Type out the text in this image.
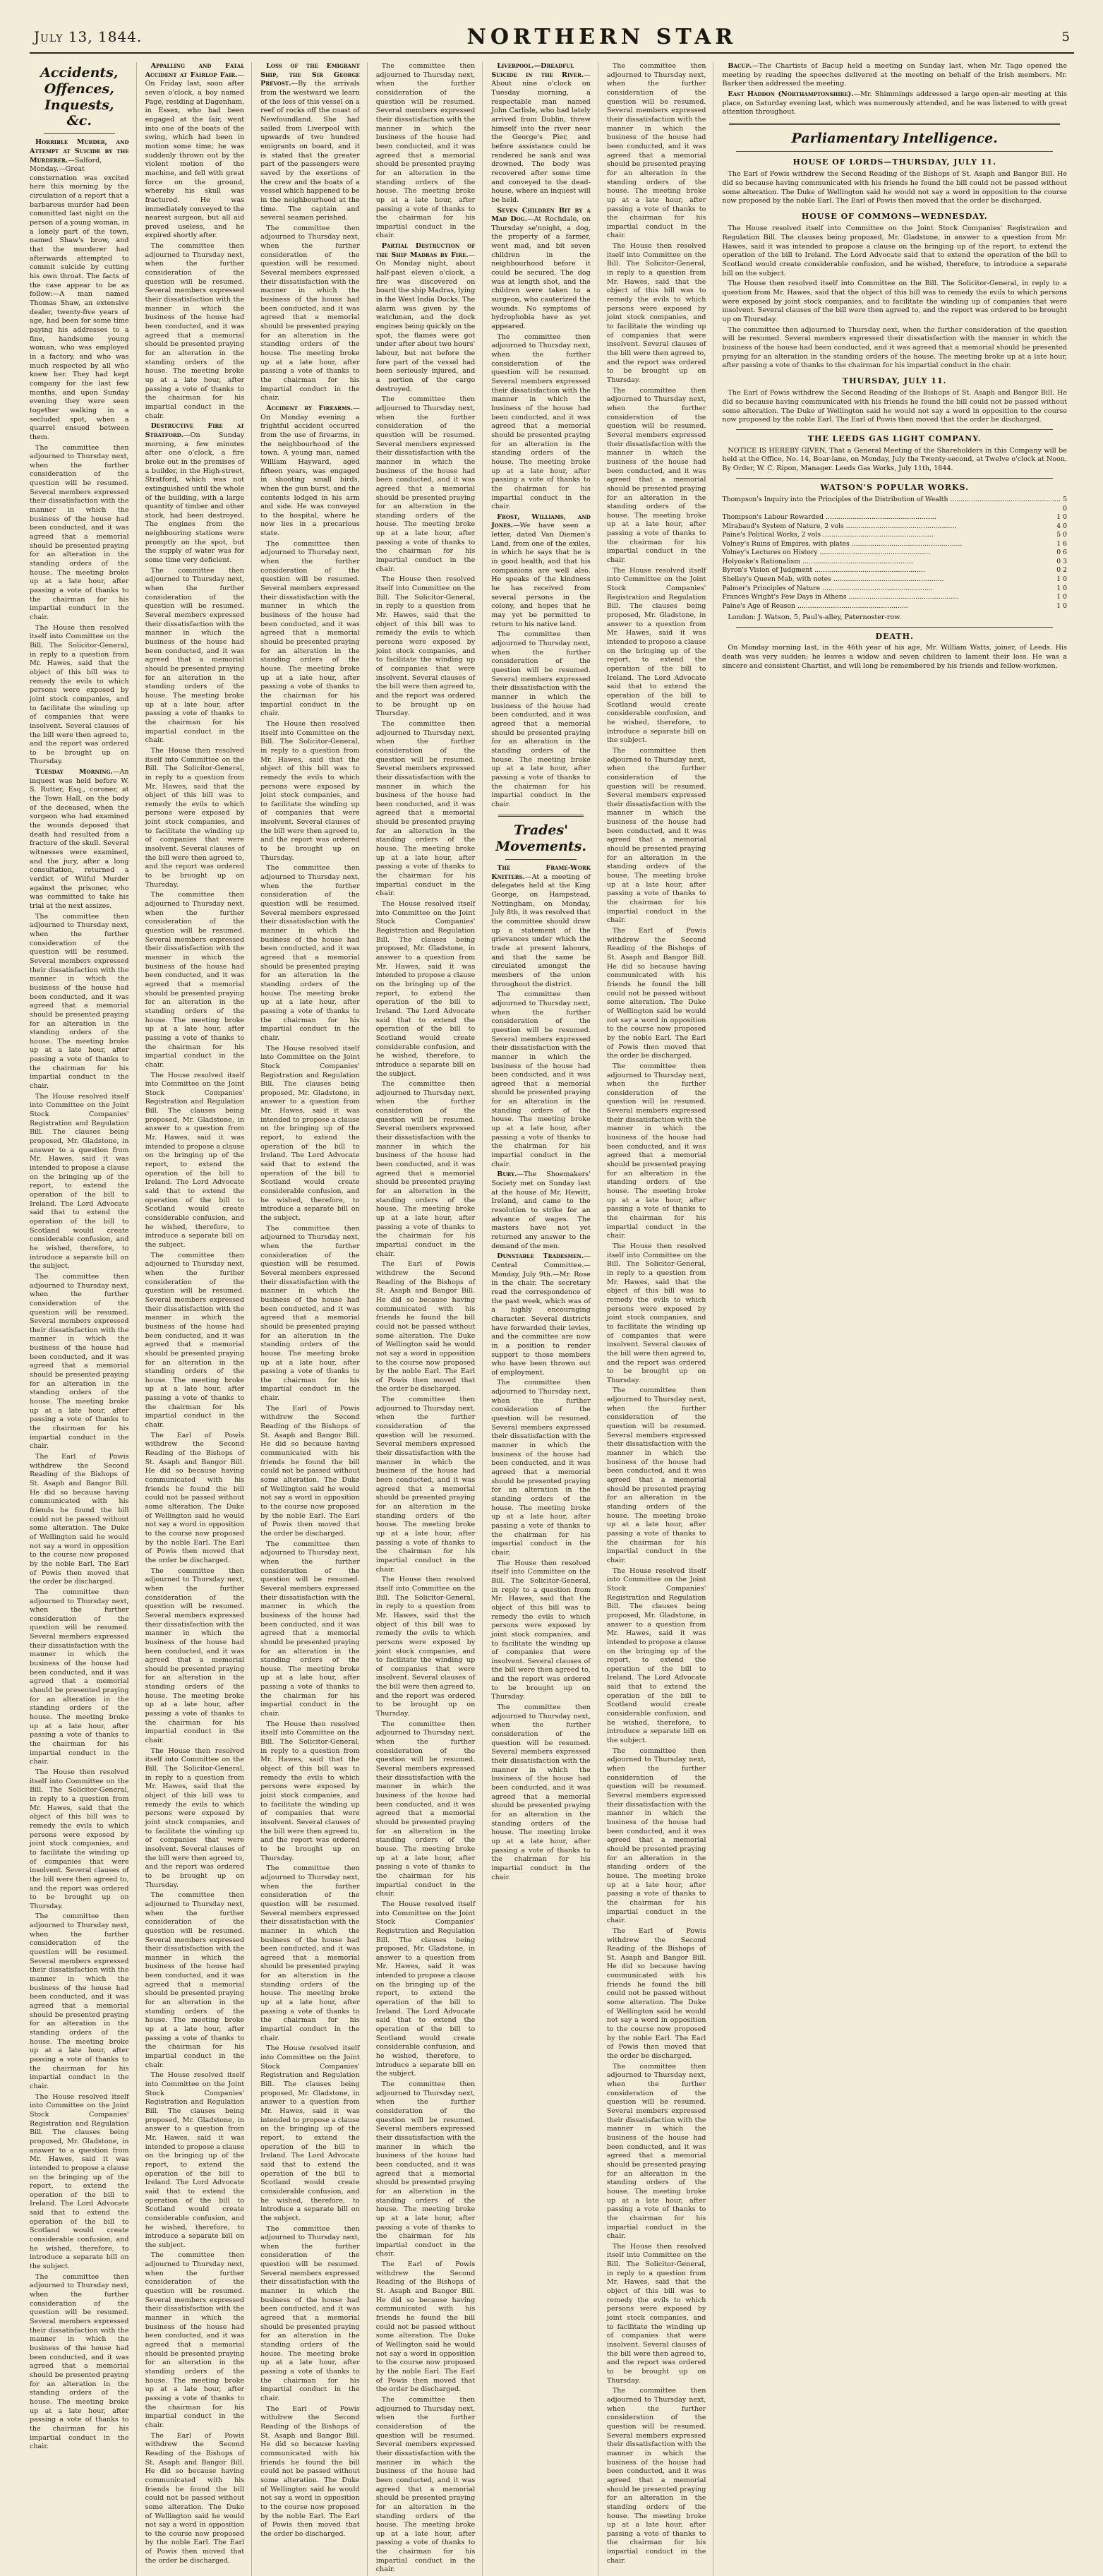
July 13, 1844.	NORTHERN STAR	5
Accidents, Offences, Inquests, &c.

Horrible Murder, and Attempt at Suicide by the Murderer.—Salford, Monday.—Great consternation was excited here this morning by the circulation of a report that a barbarous murder had been committed last night on the person of a young woman, in a lonely part of the town, named Shaw's brow, and that the murderer had afterwards attempted to commit suicide by cutting his own throat. The facts of the case appear to be as follow:—A man named Thomas Shaw, an extensive dealer, twenty-five years of age, had been for some time paying his addresses to a fine, handsome young woman, who was employed in a factory, and who was much respected by all who knew her. They had kept company for the last few months, and upon Sunday evening they were seen together walking in a secluded spot, when a quarrel ensued between them.

The committee then adjourned to Thursday next, when the further consideration of the question will be resumed. Several members expressed their dissatisfaction with the manner in which the business of the house had been conducted, and it was agreed that a memorial should be presented praying for an alteration in the standing orders of the house. The meeting broke up at a late hour, after passing a vote of thanks to the chairman for his impartial conduct in the chair.

The House then resolved itself into Committee on the Bill. The Solicitor-General, in reply to a question from Mr. Hawes, said that the object of this bill was to remedy the evils to which persons were exposed by joint stock companies, and to facilitate the winding up of companies that were insolvent. Several clauses of the bill were then agreed to, and the report was ordered to be brought up on Thursday.

Tuesday Morning.—An inquest was held before W. S. Rutter, Esq., coroner, at the Town Hall, on the body of the deceased, when the surgeon who had examined the wounds deposed that death had resulted from a fracture of the skull. Several witnesses were examined, and the jury, after a long consultation, returned a verdict of Wilful Murder against the prisoner, who was committed to take his trial at the next assizes.

The committee then adjourned to Thursday next, when the further consideration of the question will be resumed. Several members expressed their dissatisfaction with the manner in which the business of the house had been conducted, and it was agreed that a memorial should be presented praying for an alteration in the standing orders of the house. The meeting broke up at a late hour, after passing a vote of thanks to the chairman for his impartial conduct in the chair.

The House resolved itself into Committee on the Joint Stock Companies' Registration and Regulation Bill. The clauses being proposed, Mr. Gladstone, in answer to a question from Mr. Hawes, said it was intended to propose a clause on the bringing up of the report, to extend the operation of the bill to Ireland. The Lord Advocate said that to extend the operation of the bill to Scotland would create considerable confusion, and he wished, therefore, to introduce a separate bill on the subject.

The committee then adjourned to Thursday next, when the further consideration of the question will be resumed. Several members expressed their dissatisfaction with the manner in which the business of the house had been conducted, and it was agreed that a memorial should be presented praying for an alteration in the standing orders of the house. The meeting broke up at a late hour, after passing a vote of thanks to the chairman for his impartial conduct in the chair.

The Earl of Powis withdrew the Second Reading of the Bishops of St. Asaph and Bangor Bill. He did so because having communicated with his friends he found the bill could not be passed without some alteration. The Duke of Wellington said he would not say a word in opposition to the course now proposed by the noble Earl. The Earl of Powis then moved that the order be discharged.

The committee then adjourned to Thursday next, when the further consideration of the question will be resumed. Several members expressed their dissatisfaction with the manner in which the business of the house had been conducted, and it was agreed that a memorial should be presented praying for an alteration in the standing orders of the house. The meeting broke up at a late hour, after passing a vote of thanks to the chairman for his impartial conduct in the chair.

The House then resolved itself into Committee on the Bill. The Solicitor-General, in reply to a question from Mr. Hawes, said that the object of this bill was to remedy the evils to which persons were exposed by joint stock companies, and to facilitate the winding up of companies that were insolvent. Several clauses of the bill were then agreed to, and the report was ordered to be brought up on Thursday.

The committee then adjourned to Thursday next, when the further consideration of the question will be resumed. Several members expressed their dissatisfaction with the manner in which the business of the house had been conducted, and it was agreed that a memorial should be presented praying for an alteration in the standing orders of the house. The meeting broke up at a late hour, after passing a vote of thanks to the chairman for his impartial conduct in the chair.

The House resolved itself into Committee on the Joint Stock Companies' Registration and Regulation Bill. The clauses being proposed, Mr. Gladstone, in answer to a question from Mr. Hawes, said it was intended to propose a clause on the bringing up of the report, to extend the operation of the bill to Ireland. The Lord Advocate said that to extend the operation of the bill to Scotland would create considerable confusion, and he wished, therefore, to introduce a separate bill on the subject.

The committee then adjourned to Thursday next, when the further consideration of the question will be resumed. Several members expressed their dissatisfaction with the manner in which the business of the house had been conducted, and it was agreed that a memorial should be presented praying for an alteration in the standing orders of the house. The meeting broke up at a late hour, after passing a vote of thanks to the chairman for his impartial conduct in the chair.

Appalling and Fatal Accident at Fairlop Fair.—On Friday last, soon after seven o'clock, a boy named Page, residing at Dagenham, in Essex, who had been engaged at the fair, went into one of the boats of the swing, which had been in motion some time; he was suddenly thrown out by the violent motion of the machine, and fell with great force on the ground, whereby his skull was fractured. He was immediately conveyed to the nearest surgeon, but all aid proved useless, and he expired shortly after.

The committee then adjourned to Thursday next, when the further consideration of the question will be resumed. Several members expressed their dissatisfaction with the manner in which the business of the house had been conducted, and it was agreed that a memorial should be presented praying for an alteration in the standing orders of the house. The meeting broke up at a late hour, after passing a vote of thanks to the chairman for his impartial conduct in the chair.

Destructive Fire at Stratford.—On Sunday morning, a few minutes after one o'clock, a fire broke out in the premises of a builder, in the High-street, Stratford, which was not extinguished until the whole of the building, with a large quantity of timber and other stock, had been destroyed. The engines from the neighbouring stations were promptly on the spot, but the supply of water was for some time very deficient.

The committee then adjourned to Thursday next, when the further consideration of the question will be resumed. Several members expressed their dissatisfaction with the manner in which the business of the house had been conducted, and it was agreed that a memorial should be presented praying for an alteration in the standing orders of the house. The meeting broke up at a late hour, after passing a vote of thanks to the chairman for his impartial conduct in the chair.

The House then resolved itself into Committee on the Bill. The Solicitor-General, in reply to a question from Mr. Hawes, said that the object of this bill was to remedy the evils to which persons were exposed by joint stock companies, and to facilitate the winding up of companies that were insolvent. Several clauses of the bill were then agreed to, and the report was ordered to be brought up on Thursday.

The committee then adjourned to Thursday next, when the further consideration of the question will be resumed. Several members expressed their dissatisfaction with the manner in which the business of the house had been conducted, and it was agreed that a memorial should be presented praying for an alteration in the standing orders of the house. The meeting broke up at a late hour, after passing a vote of thanks to the chairman for his impartial conduct in the chair.

The House resolved itself into Committee on the Joint Stock Companies' Registration and Regulation Bill. The clauses being proposed, Mr. Gladstone, in answer to a question from Mr. Hawes, said it was intended to propose a clause on the bringing up of the report, to extend the operation of the bill to Ireland. The Lord Advocate said that to extend the operation of the bill to Scotland would create considerable confusion, and he wished, therefore, to introduce a separate bill on the subject.

The committee then adjourned to Thursday next, when the further consideration of the question will be resumed. Several members expressed their dissatisfaction with the manner in which the business of the house had been conducted, and it was agreed that a memorial should be presented praying for an alteration in the standing orders of the house. The meeting broke up at a late hour, after passing a vote of thanks to the chairman for his impartial conduct in the chair.

The Earl of Powis withdrew the Second Reading of the Bishops of St. Asaph and Bangor Bill. He did so because having communicated with his friends he found the bill could not be passed without some alteration. The Duke of Wellington said he would not say a word in opposition to the course now proposed by the noble Earl. The Earl of Powis then moved that the order be discharged.

The committee then adjourned to Thursday next, when the further consideration of the question will be resumed. Several members expressed their dissatisfaction with the manner in which the business of the house had been conducted, and it was agreed that a memorial should be presented praying for an alteration in the standing orders of the house. The meeting broke up at a late hour, after passing a vote of thanks to the chairman for his impartial conduct in the chair.

The House then resolved itself into Committee on the Bill. The Solicitor-General, in reply to a question from Mr. Hawes, said that the object of this bill was to remedy the evils to which persons were exposed by joint stock companies, and to facilitate the winding up of companies that were insolvent. Several clauses of the bill were then agreed to, and the report was ordered to be brought up on Thursday.

The committee then adjourned to Thursday next, when the further consideration of the question will be resumed. Several members expressed their dissatisfaction with the manner in which the business of the house had been conducted, and it was agreed that a memorial should be presented praying for an alteration in the standing orders of the house. The meeting broke up at a late hour, after passing a vote of thanks to the chairman for his impartial conduct in the chair.

The House resolved itself into Committee on the Joint Stock Companies' Registration and Regulation Bill. The clauses being proposed, Mr. Gladstone, in answer to a question from Mr. Hawes, said it was intended to propose a clause on the bringing up of the report, to extend the operation of the bill to Ireland. The Lord Advocate said that to extend the operation of the bill to Scotland would create considerable confusion, and he wished, therefore, to introduce a separate bill on the subject.

The committee then adjourned to Thursday next, when the further consideration of the question will be resumed. Several members expressed their dissatisfaction with the manner in which the business of the house had been conducted, and it was agreed that a memorial should be presented praying for an alteration in the standing orders of the house. The meeting broke up at a late hour, after passing a vote of thanks to the chairman for his impartial conduct in the chair.

The Earl of Powis withdrew the Second Reading of the Bishops of St. Asaph and Bangor Bill. He did so because having communicated with his friends he found the bill could not be passed without some alteration. The Duke of Wellington said he would not say a word in opposition to the course now proposed by the noble Earl. The Earl of Powis then moved that the order be discharged.

Loss of the Emigrant Ship, the Sir George Prevost.—By the arrivals from the westward we learn of the loss of this vessel on a reef of rocks off the coast of Newfoundland. She had sailed from Liverpool with upwards of two hundred emigrants on board, and it is stated that the greater part of the passengers were saved by the exertions of the crew and the boats of a vessel which happened to be in the neighbourhood at the time. The captain and several seamen perished.

The committee then adjourned to Thursday next, when the further consideration of the question will be resumed. Several members expressed their dissatisfaction with the manner in which the business of the house had been conducted, and it was agreed that a memorial should be presented praying for an alteration in the standing orders of the house. The meeting broke up at a late hour, after passing a vote of thanks to the chairman for his impartial conduct in the chair.

Accident by Firearms.—On Monday evening a frightful accident occurred from the use of firearms, in the neighbourhood of the town. A young man, named William Hayward, aged fifteen years, was engaged in shooting small birds, when the gun burst, and the contents lodged in his arm and side. He was conveyed to the hospital, where he now lies in a precarious state.

The committee then adjourned to Thursday next, when the further consideration of the question will be resumed. Several members expressed their dissatisfaction with the manner in which the business of the house had been conducted, and it was agreed that a memorial should be presented praying for an alteration in the standing orders of the house. The meeting broke up at a late hour, after passing a vote of thanks to the chairman for his impartial conduct in the chair.

The House then resolved itself into Committee on the Bill. The Solicitor-General, in reply to a question from Mr. Hawes, said that the object of this bill was to remedy the evils to which persons were exposed by joint stock companies, and to facilitate the winding up of companies that were insolvent. Several clauses of the bill were then agreed to, and the report was ordered to be brought up on Thursday.

The committee then adjourned to Thursday next, when the further consideration of the question will be resumed. Several members expressed their dissatisfaction with the manner in which the business of the house had been conducted, and it was agreed that a memorial should be presented praying for an alteration in the standing orders of the house. The meeting broke up at a late hour, after passing a vote of thanks to the chairman for his impartial conduct in the chair.

The House resolved itself into Committee on the Joint Stock Companies' Registration and Regulation Bill. The clauses being proposed, Mr. Gladstone, in answer to a question from Mr. Hawes, said it was intended to propose a clause on the bringing up of the report, to extend the operation of the bill to Ireland. The Lord Advocate said that to extend the operation of the bill to Scotland would create considerable confusion, and he wished, therefore, to introduce a separate bill on the subject.

The committee then adjourned to Thursday next, when the further consideration of the question will be resumed. Several members expressed their dissatisfaction with the manner in which the business of the house had been conducted, and it was agreed that a memorial should be presented praying for an alteration in the standing orders of the house. The meeting broke up at a late hour, after passing a vote of thanks to the chairman for his impartial conduct in the chair.

The Earl of Powis withdrew the Second Reading of the Bishops of St. Asaph and Bangor Bill. He did so because having communicated with his friends he found the bill could not be passed without some alteration. The Duke of Wellington said he would not say a word in opposition to the course now proposed by the noble Earl. The Earl of Powis then moved that the order be discharged.

The committee then adjourned to Thursday next, when the further consideration of the question will be resumed. Several members expressed their dissatisfaction with the manner in which the business of the house had been conducted, and it was agreed that a memorial should be presented praying for an alteration in the standing orders of the house. The meeting broke up at a late hour, after passing a vote of thanks to the chairman for his impartial conduct in the chair.

The House then resolved itself into Committee on the Bill. The Solicitor-General, in reply to a question from Mr. Hawes, said that the object of this bill was to remedy the evils to which persons were exposed by joint stock companies, and to facilitate the winding up of companies that were insolvent. Several clauses of the bill were then agreed to, and the report was ordered to be brought up on Thursday.

The committee then adjourned to Thursday next, when the further consideration of the question will be resumed. Several members expressed their dissatisfaction with the manner in which the business of the house had been conducted, and it was agreed that a memorial should be presented praying for an alteration in the standing orders of the house. The meeting broke up at a late hour, after passing a vote of thanks to the chairman for his impartial conduct in the chair.

The House resolved itself into Committee on the Joint Stock Companies' Registration and Regulation Bill. The clauses being proposed, Mr. Gladstone, in answer to a question from Mr. Hawes, said it was intended to propose a clause on the bringing up of the report, to extend the operation of the bill to Ireland. The Lord Advocate said that to extend the operation of the bill to Scotland would create considerable confusion, and he wished, therefore, to introduce a separate bill on the subject.

The committee then adjourned to Thursday next, when the further consideration of the question will be resumed. Several members expressed their dissatisfaction with the manner in which the business of the house had been conducted, and it was agreed that a memorial should be presented praying for an alteration in the standing orders of the house. The meeting broke up at a late hour, after passing a vote of thanks to the chairman for his impartial conduct in the chair.

The Earl of Powis withdrew the Second Reading of the Bishops of St. Asaph and Bangor Bill. He did so because having communicated with his friends he found the bill could not be passed without some alteration. The Duke of Wellington said he would not say a word in opposition to the course now proposed by the noble Earl. The Earl of Powis then moved that the order be discharged.

The committee then adjourned to Thursday next, when the further consideration of the question will be resumed. Several members expressed their dissatisfaction with the manner in which the business of the house had been conducted, and it was agreed that a memorial should be presented praying for an alteration in the standing orders of the house. The meeting broke up at a late hour, after passing a vote of thanks to the chairman for his impartial conduct in the chair.

Partial Destruction of the Ship Madras by Fire.—On Monday night, about half-past eleven o'clock, a fire was discovered on board the ship Madras, lying in the West India Docks. The alarm was given by the watchman, and the dock engines being quickly on the spot, the flames were got under after about two hours' labour, but not before the fore part of the vessel had been seriously injured, and a portion of the cargo destroyed.

The committee then adjourned to Thursday next, when the further consideration of the question will be resumed. Several members expressed their dissatisfaction with the manner in which the business of the house had been conducted, and it was agreed that a memorial should be presented praying for an alteration in the standing orders of the house. The meeting broke up at a late hour, after passing a vote of thanks to the chairman for his impartial conduct in the chair.

The House then resolved itself into Committee on the Bill. The Solicitor-General, in reply to a question from Mr. Hawes, said that the object of this bill was to remedy the evils to which persons were exposed by joint stock companies, and to facilitate the winding up of companies that were insolvent. Several clauses of the bill were then agreed to, and the report was ordered to be brought up on Thursday.

The committee then adjourned to Thursday next, when the further consideration of the question will be resumed. Several members expressed their dissatisfaction with the manner in which the business of the house had been conducted, and it was agreed that a memorial should be presented praying for an alteration in the standing orders of the house. The meeting broke up at a late hour, after passing a vote of thanks to the chairman for his impartial conduct in the chair.

The House resolved itself into Committee on the Joint Stock Companies' Registration and Regulation Bill. The clauses being proposed, Mr. Gladstone, in answer to a question from Mr. Hawes, said it was intended to propose a clause on the bringing up of the report, to extend the operation of the bill to Ireland. The Lord Advocate said that to extend the operation of the bill to Scotland would create considerable confusion, and he wished, therefore, to introduce a separate bill on the subject.

The committee then adjourned to Thursday next, when the further consideration of the question will be resumed. Several members expressed their dissatisfaction with the manner in which the business of the house had been conducted, and it was agreed that a memorial should be presented praying for an alteration in the standing orders of the house. The meeting broke up at a late hour, after passing a vote of thanks to the chairman for his impartial conduct in the chair.

The Earl of Powis withdrew the Second Reading of the Bishops of St. Asaph and Bangor Bill. He did so because having communicated with his friends he found the bill could not be passed without some alteration. The Duke of Wellington said he would not say a word in opposition to the course now proposed by the noble Earl. The Earl of Powis then moved that the order be discharged.

The committee then adjourned to Thursday next, when the further consideration of the question will be resumed. Several members expressed their dissatisfaction with the manner in which the business of the house had been conducted, and it was agreed that a memorial should be presented praying for an alteration in the standing orders of the house. The meeting broke up at a late hour, after passing a vote of thanks to the chairman for his impartial conduct in the chair.

The House then resolved itself into Committee on the Bill. The Solicitor-General, in reply to a question from Mr. Hawes, said that the object of this bill was to remedy the evils to which persons were exposed by joint stock companies, and to facilitate the winding up of companies that were insolvent. Several clauses of the bill were then agreed to, and the report was ordered to be brought up on Thursday.

The committee then adjourned to Thursday next, when the further consideration of the question will be resumed. Several members expressed their dissatisfaction with the manner in which the business of the house had been conducted, and it was agreed that a memorial should be presented praying for an alteration in the standing orders of the house. The meeting broke up at a late hour, after passing a vote of thanks to the chairman for his impartial conduct in the chair.

The House resolved itself into Committee on the Joint Stock Companies' Registration and Regulation Bill. The clauses being proposed, Mr. Gladstone, in answer to a question from Mr. Hawes, said it was intended to propose a clause on the bringing up of the report, to extend the operation of the bill to Ireland. The Lord Advocate said that to extend the operation of the bill to Scotland would create considerable confusion, and he wished, therefore, to introduce a separate bill on the subject.

The committee then adjourned to Thursday next, when the further consideration of the question will be resumed. Several members expressed their dissatisfaction with the manner in which the business of the house had been conducted, and it was agreed that a memorial should be presented praying for an alteration in the standing orders of the house. The meeting broke up at a late hour, after passing a vote of thanks to the chairman for his impartial conduct in the chair.

The Earl of Powis withdrew the Second Reading of the Bishops of St. Asaph and Bangor Bill. He did so because having communicated with his friends he found the bill could not be passed without some alteration. The Duke of Wellington said he would not say a word in opposition to the course now proposed by the noble Earl. The Earl of Powis then moved that the order be discharged.

The committee then adjourned to Thursday next, when the further consideration of the question will be resumed. Several members expressed their dissatisfaction with the manner in which the business of the house had been conducted, and it was agreed that a memorial should be presented praying for an alteration in the standing orders of the house. The meeting broke up at a late hour, after passing a vote of thanks to the chairman for his impartial conduct in the chair.

Liverpool.—Dreadful Suicide in the River.—About nine o'clock on Tuesday morning, a respectable man named John Carlisle, who had lately arrived from Dublin, threw himself into the river near the George's Pier, and before assistance could be rendered he sank and was drowned. The body was recovered after some time and conveyed to the dead-house, where an inquest will be held.

Seven Children Bit by a Mad Dog.—At Rochdale, on Thursday se'nnight, a dog, the property of a farmer, went mad, and bit seven children in the neighbourhood before it could be secured. The dog was at length shot, and the children were taken to a surgeon, who cauterized the wounds. No symptoms of hydrophobia have as yet appeared.

The committee then adjourned to Thursday next, when the further consideration of the question will be resumed. Several members expressed their dissatisfaction with the manner in which the business of the house had been conducted, and it was agreed that a memorial should be presented praying for an alteration in the standing orders of the house. The meeting broke up at a late hour, after passing a vote of thanks to the chairman for his impartial conduct in the chair.

Frost, Williams, and Jones.—We have seen a letter, dated Van Diemen's Land, from one of the exiles, in which he says that he is in good health, and that his companions are well also. He speaks of the kindness he has received from several persons in the colony, and hopes that he may yet be permitted to return to his native land.

The committee then adjourned to Thursday next, when the further consideration of the question will be resumed. Several members expressed their dissatisfaction with the manner in which the business of the house had been conducted, and it was agreed that a memorial should be presented praying for an alteration in the standing orders of the house. The meeting broke up at a late hour, after passing a vote of thanks to the chairman for his impartial conduct in the chair.

Trades' Movements.

The Frame-Work Knitters.—At a meeting of delegates held at the King George, on Hampstead, Nottingham, on Monday, July 8th, it was resolved that the committee should draw up a statement of the grievances under which the trade at present labours, and that the same be circulated amongst the members of the union throughout the district.

The committee then adjourned to Thursday next, when the further consideration of the question will be resumed. Several members expressed their dissatisfaction with the manner in which the business of the house had been conducted, and it was agreed that a memorial should be presented praying for an alteration in the standing orders of the house. The meeting broke up at a late hour, after passing a vote of thanks to the chairman for his impartial conduct in the chair.

Bury.—The Shoemakers' Society met on Sunday last at the house of Mr. Hewitt, Ireland, and came to the resolution to strike for an advance of wages. The masters have not yet returned any answer to the demand of the men.

Dunstable Tradesmen.—Central Committee.—Monday, July 9th.—Mr. Rose in the chair. The secretary read the correspondence of the past week, which was of a highly encouraging character. Several districts have forwarded their levies, and the committee are now in a position to render support to those members who have been thrown out of employment.

The committee then adjourned to Thursday next, when the further consideration of the question will be resumed. Several members expressed their dissatisfaction with the manner in which the business of the house had been conducted, and it was agreed that a memorial should be presented praying for an alteration in the standing orders of the house. The meeting broke up at a late hour, after passing a vote of thanks to the chairman for his impartial conduct in the chair.

The House then resolved itself into Committee on the Bill. The Solicitor-General, in reply to a question from Mr. Hawes, said that the object of this bill was to remedy the evils to which persons were exposed by joint stock companies, and to facilitate the winding up of companies that were insolvent. Several clauses of the bill were then agreed to, and the report was ordered to be brought up on Thursday.

The committee then adjourned to Thursday next, when the further consideration of the question will be resumed. Several members expressed their dissatisfaction with the manner in which the business of the house had been conducted, and it was agreed that a memorial should be presented praying for an alteration in the standing orders of the house. The meeting broke up at a late hour, after passing a vote of thanks to the chairman for his impartial conduct in the chair.

The committee then adjourned to Thursday next, when the further consideration of the question will be resumed. Several members expressed their dissatisfaction with the manner in which the business of the house had been conducted, and it was agreed that a memorial should be presented praying for an alteration in the standing orders of the house. The meeting broke up at a late hour, after passing a vote of thanks to the chairman for his impartial conduct in the chair.

The House then resolved itself into Committee on the Bill. The Solicitor-General, in reply to a question from Mr. Hawes, said that the object of this bill was to remedy the evils to which persons were exposed by joint stock companies, and to facilitate the winding up of companies that were insolvent. Several clauses of the bill were then agreed to, and the report was ordered to be brought up on Thursday.

The committee then adjourned to Thursday next, when the further consideration of the question will be resumed. Several members expressed their dissatisfaction with the manner in which the business of the house had been conducted, and it was agreed that a memorial should be presented praying for an alteration in the standing orders of the house. The meeting broke up at a late hour, after passing a vote of thanks to the chairman for his impartial conduct in the chair.

The House resolved itself into Committee on the Joint Stock Companies' Registration and Regulation Bill. The clauses being proposed, Mr. Gladstone, in answer to a question from Mr. Hawes, said it was intended to propose a clause on the bringing up of the report, to extend the operation of the bill to Ireland. The Lord Advocate said that to extend the operation of the bill to Scotland would create considerable confusion, and he wished, therefore, to introduce a separate bill on the subject.

The committee then adjourned to Thursday next, when the further consideration of the question will be resumed. Several members expressed their dissatisfaction with the manner in which the business of the house had been conducted, and it was agreed that a memorial should be presented praying for an alteration in the standing orders of the house. The meeting broke up at a late hour, after passing a vote of thanks to the chairman for his impartial conduct in the chair.

The Earl of Powis withdrew the Second Reading of the Bishops of St. Asaph and Bangor Bill. He did so because having communicated with his friends he found the bill could not be passed without some alteration. The Duke of Wellington said he would not say a word in opposition to the course now proposed by the noble Earl. The Earl of Powis then moved that the order be discharged.

The committee then adjourned to Thursday next, when the further consideration of the question will be resumed. Several members expressed their dissatisfaction with the manner in which the business of the house had been conducted, and it was agreed that a memorial should be presented praying for an alteration in the standing orders of the house. The meeting broke up at a late hour, after passing a vote of thanks to the chairman for his impartial conduct in the chair.

The House then resolved itself into Committee on the Bill. The Solicitor-General, in reply to a question from Mr. Hawes, said that the object of this bill was to remedy the evils to which persons were exposed by joint stock companies, and to facilitate the winding up of companies that were insolvent. Several clauses of the bill were then agreed to, and the report was ordered to be brought up on Thursday.

The committee then adjourned to Thursday next, when the further consideration of the question will be resumed. Several members expressed their dissatisfaction with the manner in which the business of the house had been conducted, and it was agreed that a memorial should be presented praying for an alteration in the standing orders of the house. The meeting broke up at a late hour, after passing a vote of thanks to the chairman for his impartial conduct in the chair.

The House resolved itself into Committee on the Joint Stock Companies' Registration and Regulation Bill. The clauses being proposed, Mr. Gladstone, in answer to a question from Mr. Hawes, said it was intended to propose a clause on the bringing up of the report, to extend the operation of the bill to Ireland. The Lord Advocate said that to extend the operation of the bill to Scotland would create considerable confusion, and he wished, therefore, to introduce a separate bill on the subject.

The committee then adjourned to Thursday next, when the further consideration of the question will be resumed. Several members expressed their dissatisfaction with the manner in which the business of the house had been conducted, and it was agreed that a memorial should be presented praying for an alteration in the standing orders of the house. The meeting broke up at a late hour, after passing a vote of thanks to the chairman for his impartial conduct in the chair.

The Earl of Powis withdrew the Second Reading of the Bishops of St. Asaph and Bangor Bill. He did so because having communicated with his friends he found the bill could not be passed without some alteration. The Duke of Wellington said he would not say a word in opposition to the course now proposed by the noble Earl. The Earl of Powis then moved that the order be discharged.

The committee then adjourned to Thursday next, when the further consideration of the question will be resumed. Several members expressed their dissatisfaction with the manner in which the business of the house had been conducted, and it was agreed that a memorial should be presented praying for an alteration in the standing orders of the house. The meeting broke up at a late hour, after passing a vote of thanks to the chairman for his impartial conduct in the chair.

The House then resolved itself into Committee on the Bill. The Solicitor-General, in reply to a question from Mr. Hawes, said that the object of this bill was to remedy the evils to which persons were exposed by joint stock companies, and to facilitate the winding up of companies that were insolvent. Several clauses of the bill were then agreed to, and the report was ordered to be brought up on Thursday.

The committee then adjourned to Thursday next, when the further consideration of the question will be resumed. Several members expressed their dissatisfaction with the manner in which the business of the house had been conducted, and it was agreed that a memorial should be presented praying for an alteration in the standing orders of the house. The meeting broke up at a late hour, after passing a vote of thanks to the chairman for his impartial conduct in the chair.

Bacup.—The Chartists of Bacup held a meeting on Sunday last, when Mr. Tago opened the meeting by reading the speeches delivered at the meeting on behalf of the Irish members. Mr. Barker then addressed the meeting.

East Haddon (Northamptonshire).—Mr. Shimmings addressed a large open-air meeting at this place, on Saturday evening last, which was numerously attended, and he was listened to with great attention throughout.

Parliamentary Intelligence.
HOUSE OF LORDS—THURSDAY, JULY 11.

The Earl of Powis withdrew the Second Reading of the Bishops of St. Asaph and Bangor Bill. He did so because having communicated with his friends he found the bill could not be passed without some alteration. The Duke of Wellington said he would not say a word in opposition to the course now proposed by the noble Earl. The Earl of Powis then moved that the order be discharged.

HOUSE OF COMMONS—WEDNESDAY.

The House resolved itself into Committee on the Joint Stock Companies' Registration and Regulation Bill. The clauses being proposed, Mr. Gladstone, in answer to a question from Mr. Hawes, said it was intended to propose a clause on the bringing up of the report, to extend the operation of the bill to Ireland. The Lord Advocate said that to extend the operation of the bill to Scotland would create considerable confusion, and he wished, therefore, to introduce a separate bill on the subject.

The House then resolved itself into Committee on the Bill. The Solicitor-General, in reply to a question from Mr. Hawes, said that the object of this bill was to remedy the evils to which persons were exposed by joint stock companies, and to facilitate the winding up of companies that were insolvent. Several clauses of the bill were then agreed to, and the report was ordered to be brought up on Thursday.

The committee then adjourned to Thursday next, when the further consideration of the question will be resumed. Several members expressed their dissatisfaction with the manner in which the business of the house had been conducted, and it was agreed that a memorial should be presented praying for an alteration in the standing orders of the house. The meeting broke up at a late hour, after passing a vote of thanks to the chairman for his impartial conduct in the chair.

THURSDAY, JULY 11.

The Earl of Powis withdrew the Second Reading of the Bishops of St. Asaph and Bangor Bill. He did so because having communicated with his friends he found the bill could not be passed without some alteration. The Duke of Wellington said he would not say a word in opposition to the course now proposed by the noble Earl. The Earl of Powis then moved that the order be discharged.

THE LEEDS GAS LIGHT COMPANY.

NOTICE IS HEREBY GIVEN, That a General Meeting of the Shareholders in this Company will be held at the Office, No. 14, Boar-lane, on Monday, July the Twenty-second, at Twelve o'clock at Noon. By Order, W. C. Ripon, Manager. Leeds Gas Works, July 11th, 1844.

WATSON'S POPULAR WORKS.
Thompson's Inquiry into the Principles of the Distribution of Wealth .....	5 0
Thompson's Labour Rewarded .....	1 0
Mirabaud's System of Nature, 2 vols .....	4 0
Paine's Political Works, 2 vols .....	5 0
Volney's Ruins of Empires, with plates .....	1 6
Volney's Lectures on History .....	0 6
Holyoake's Rationalism .....	0 3
Byron's Vision of Judgment .....	0 2
Shelley's Queen Mab, with notes .....	1 0
Palmer's Principles of Nature .....	1 0
Frances Wright's Few Days in Athens .....	1 0
Paine's Age of Reason .....	1 0

London: J. Watson, 5, Paul's-alley, Paternoster-row.

DEATH.

On Monday morning last, in the 46th year of his age, Mr. William Watts, joiner, of Leeds. His death was very sudden; he leaves a widow and seven children to lament their loss. He was a sincere and consistent Chartist, and will long be remembered by his friends and fellow-workmen.
